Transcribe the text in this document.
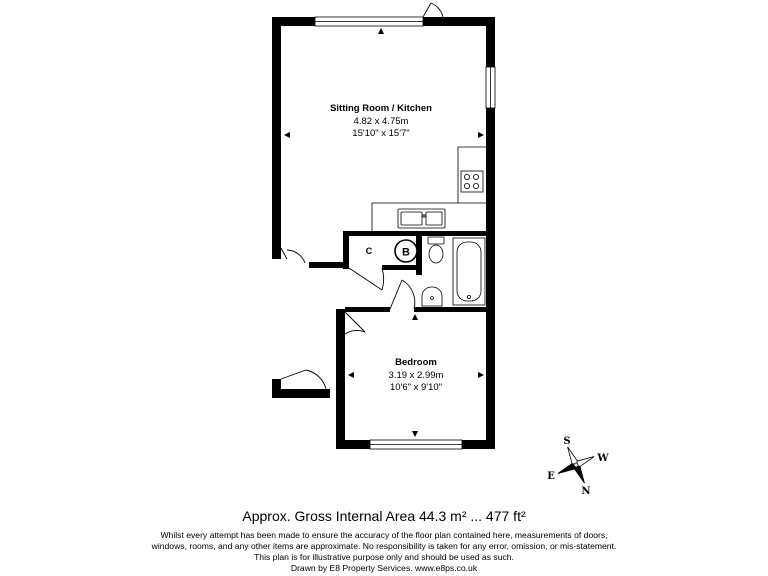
B
C
Sitting Room / Kitchen
4.82 x 4.75m
15'10" x 15'7"
Bedroom
3.19 x 2.99m
10'6" x 9'10"
S
W
E
N
Approx. Gross Internal Area 44.3 m² ... 477 ft²
Whilst every attempt has been made to ensure the accuracy of the floor plan contained here, measurements of doors,
windows, rooms, and any other items are approximate. No responsibility is taken for any error, omission, or mis-statement.
This plan is for illustrative purpose only and should be used as such.
Drawn by E8 Property Services. www.e8ps.co.uk
